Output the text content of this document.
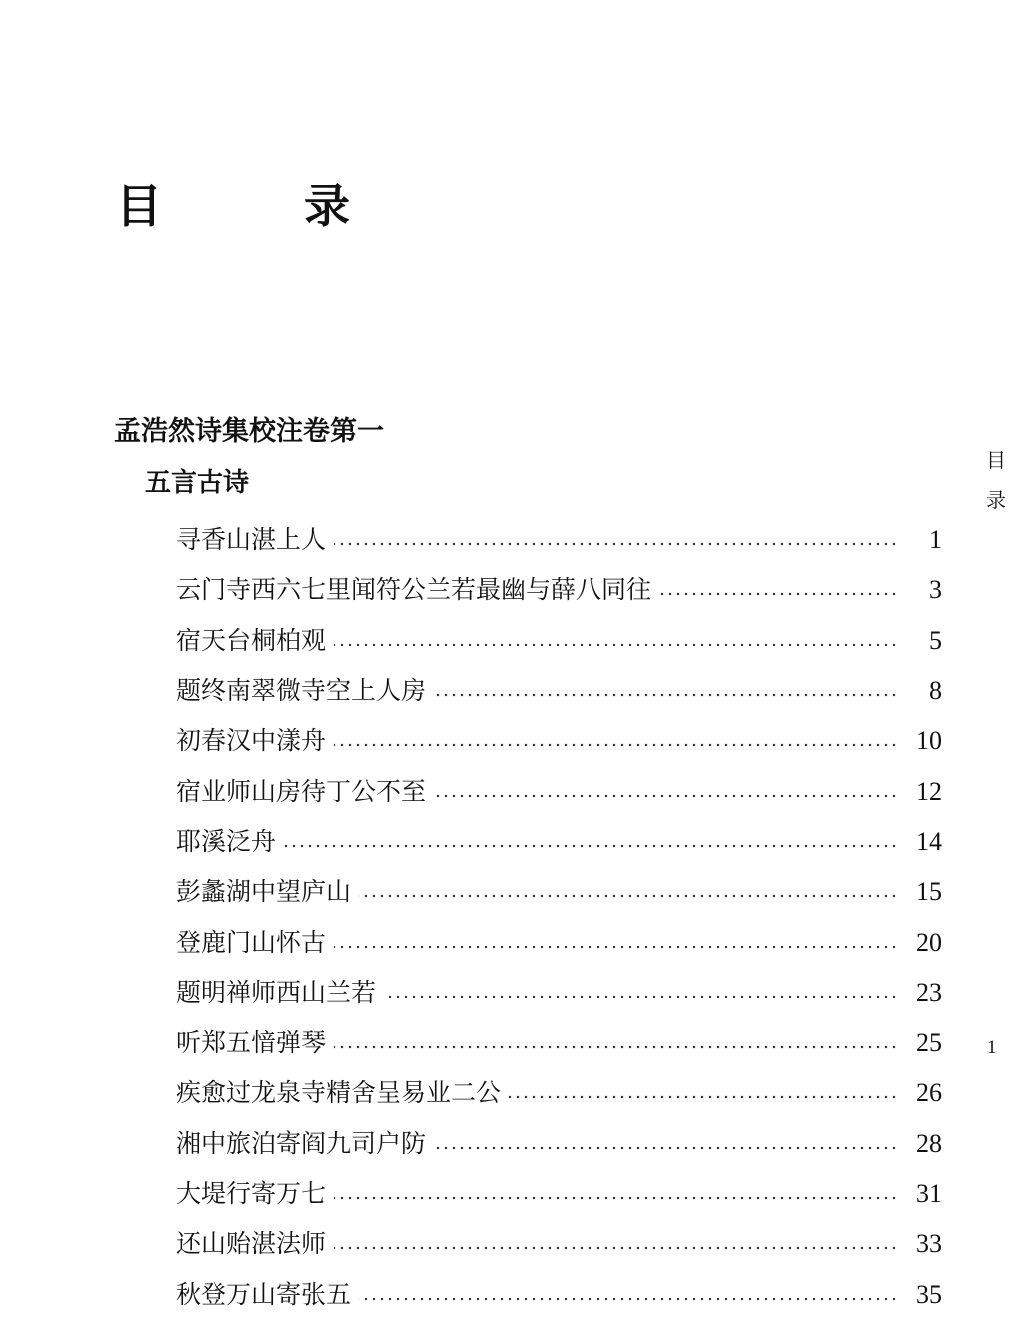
目　录
孟浩然诗集校注卷第一
五言古诗
寻香山湛上人	1
云门寺西六七里闻符公兰若最幽与薛八同往	3
宿天台桐柏观	5
题终南翠微寺空上人房	8
初春汉中漾舟	10
宿业师山房待丁公不至	12
耶溪泛舟	14
彭蠡湖中望庐山	15
登鹿门山怀古	20
题明禅师西山兰若	23
听郑五愔弹琴	25
疾愈过龙泉寺精舍呈易业二公	26
湘中旅泊寄阎九司户防	28
大堤行寄万七	31
还山贻湛法师	33
秋登万山寄张五	35
目录
1
